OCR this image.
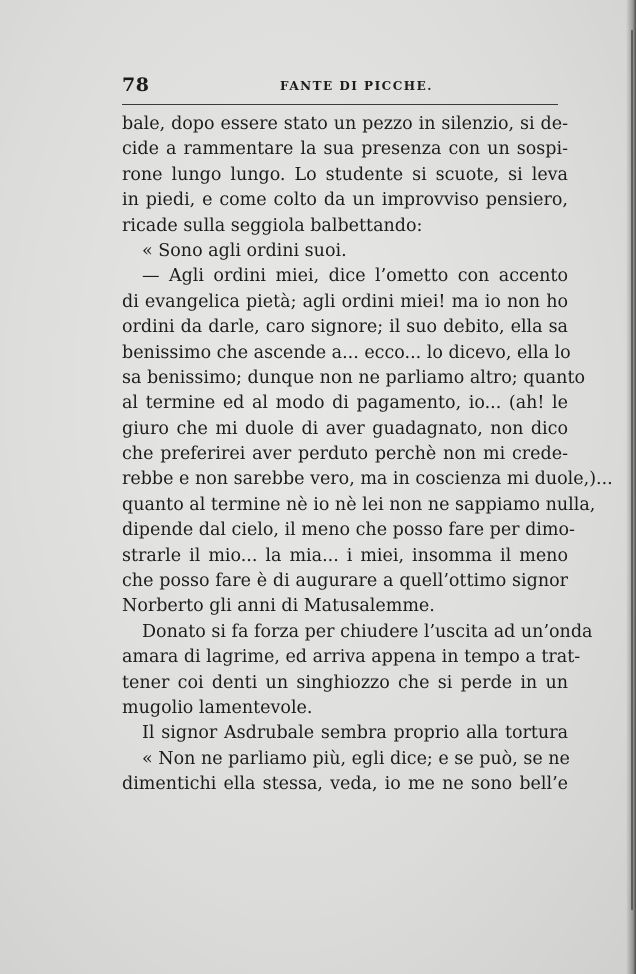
78	FANTE DI PICCHE.
bale, dopo essere stato un pezzo in silenzio, si de-
cide a rammentare la sua presenza con un sospi-
rone lungo lungo. Lo studente si scuote, si leva
in piedi, e come colto da un improvviso pensiero,
ricade sulla seggiola balbettando:
« Sono agli ordini suoi.
— Agli ordini miei, dice l’ometto con accento
di evangelica pietà; agli ordini miei! ma io non ho
ordini da darle, caro signore; il suo debito, ella sa
benissimo che ascende a... ecco... lo dicevo, ella lo
sa benissimo; dunque non ne parliamo altro; quanto
al termine ed al modo di pagamento, io... (ah! le
giuro che mi duole di aver guadagnato, non dico
che preferirei aver perduto perchè non mi crede-
rebbe e non sarebbe vero, ma in coscienza mi duole,)...
quanto al termine nè io nè lei non ne sappiamo nulla,
dipende dal cielo, il meno che posso fare per dimo-
strarle il mio... la mia... i miei, insomma il meno
che posso fare è di augurare a quell’ottimo signor
Norberto gli anni di Matusalemme.
Donato si fa forza per chiudere l’uscita ad un’onda
amara di lagrime, ed arriva appena in tempo a trat-
tener coi denti un singhiozzo che si perde in un
mugolio lamentevole.
Il signor Asdrubale sembra proprio alla tortura
« Non ne parliamo più, egli dice; e se può, se ne
dimentichi ella stessa, veda, io me ne sono bell’e
